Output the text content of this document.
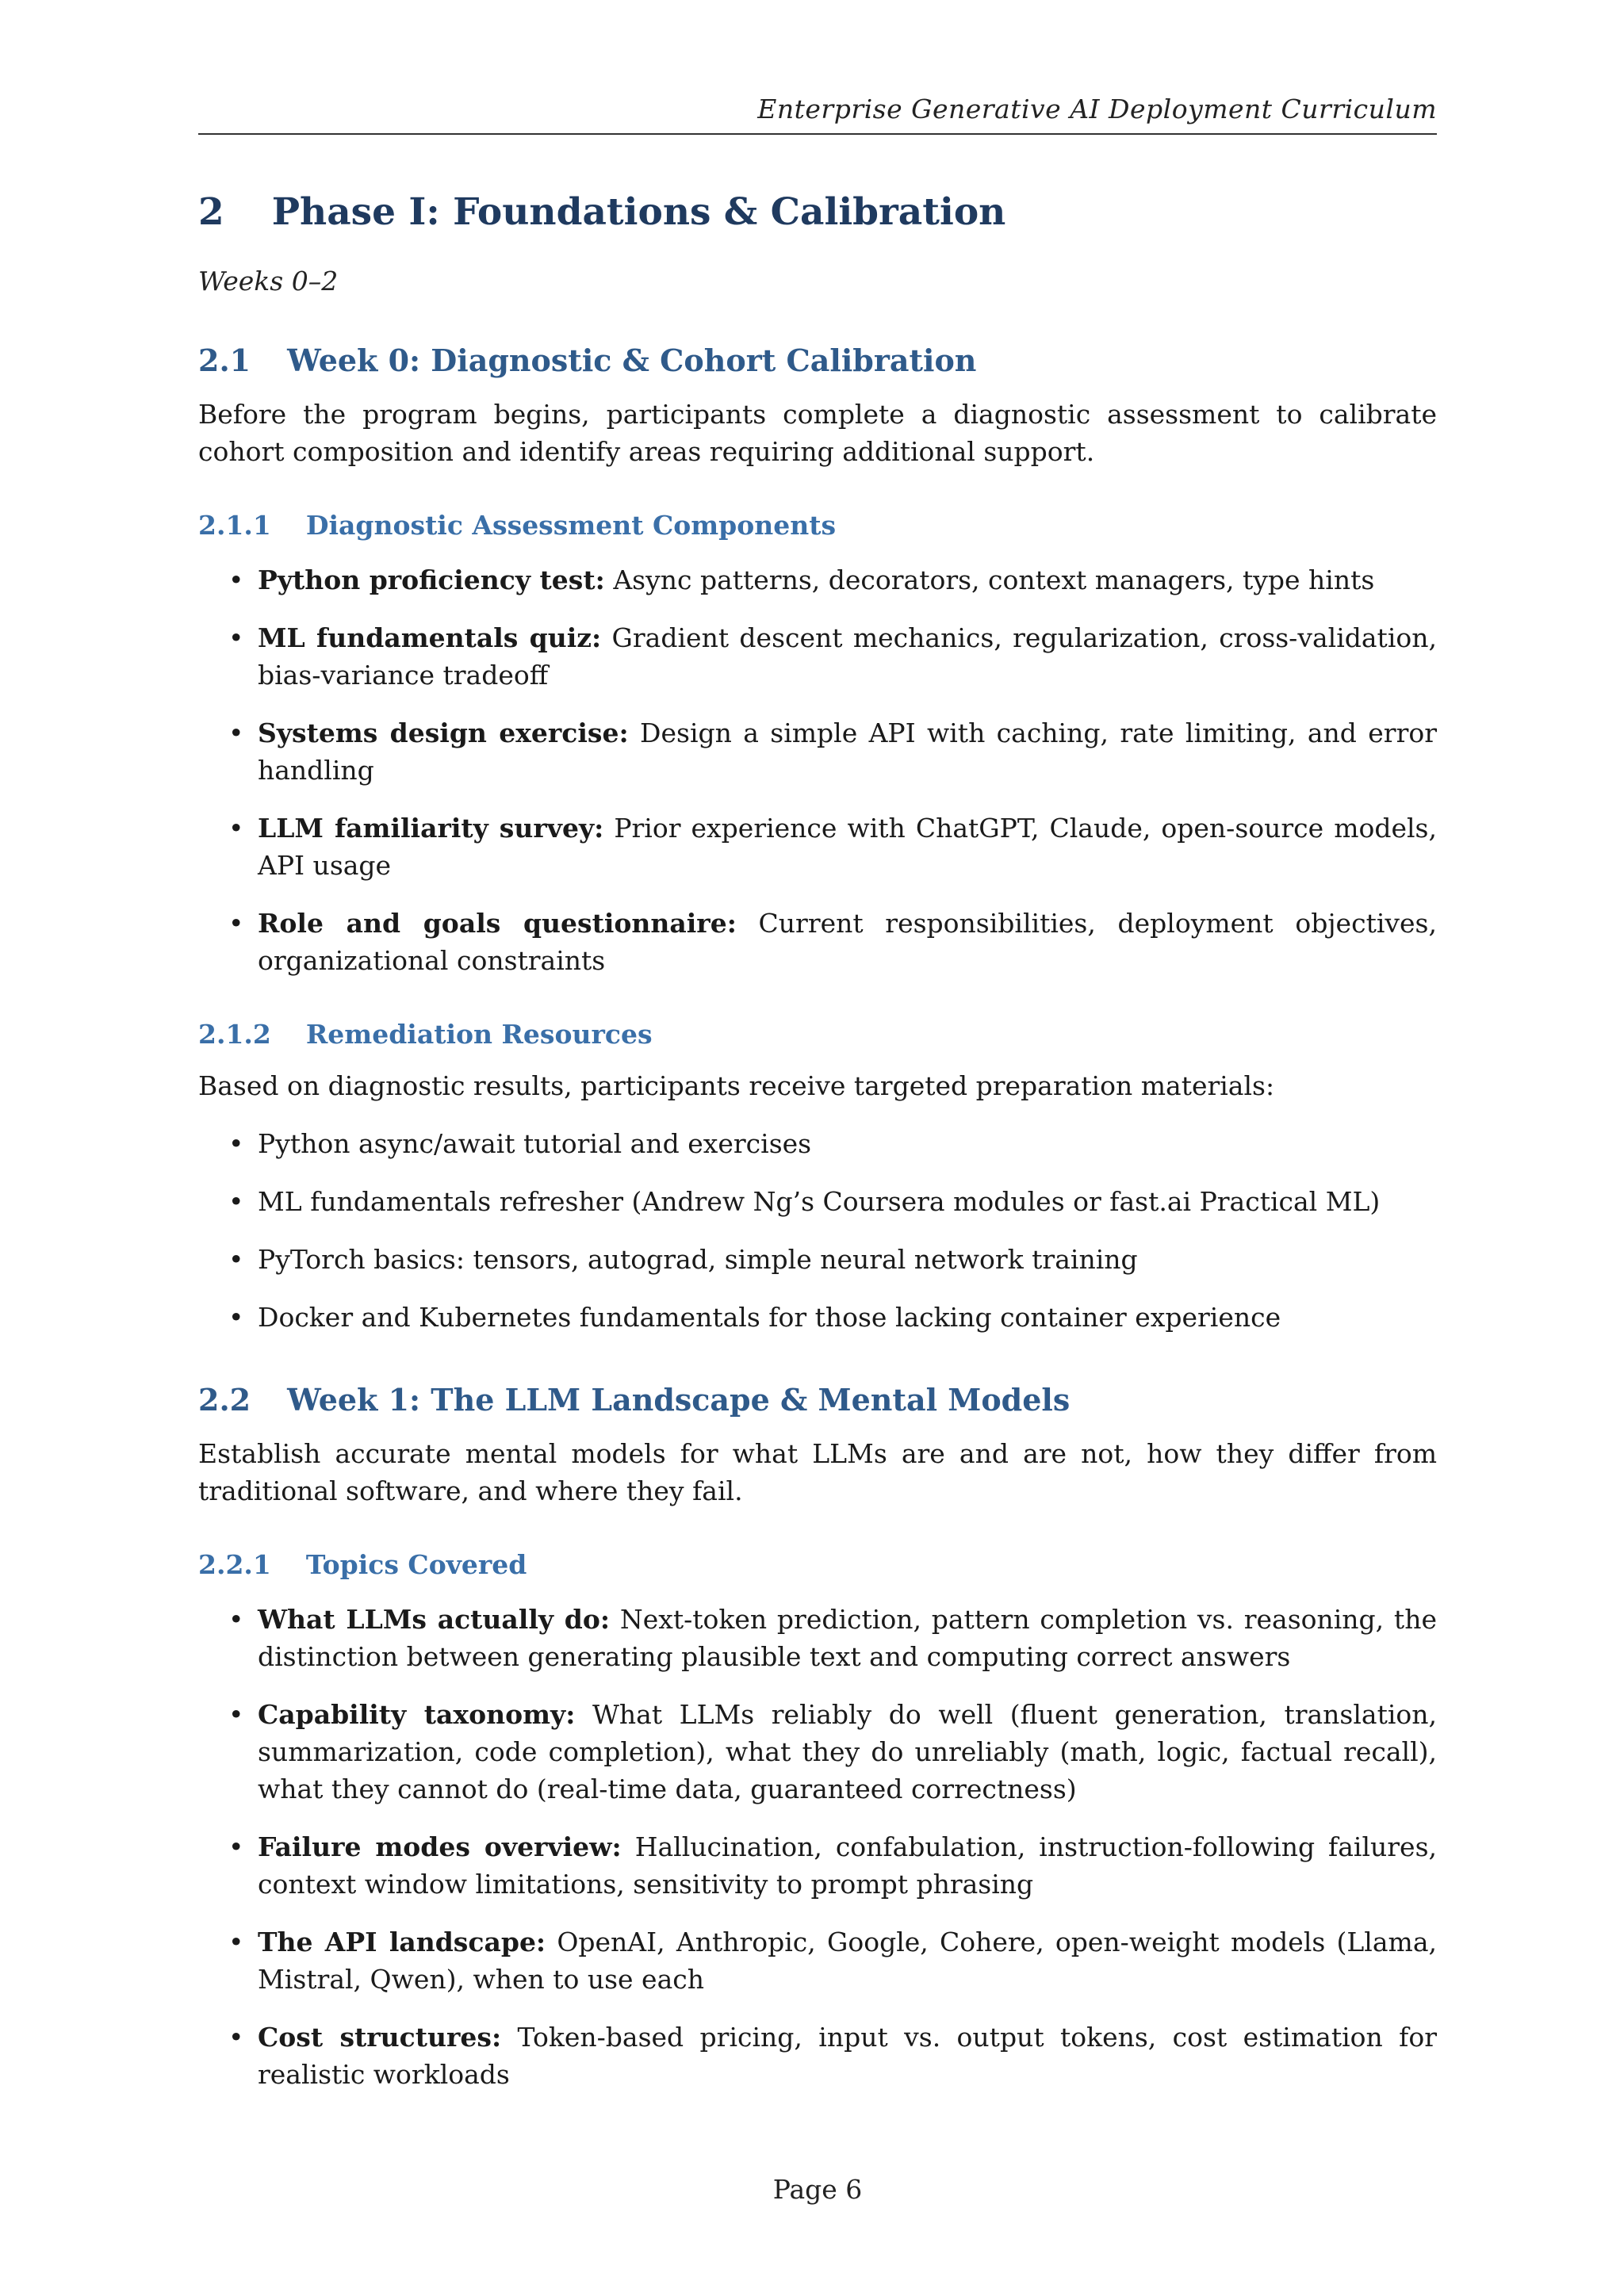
Enterprise Generative AI Deployment Curriculum
2 Phase I: Foundations & Calibration
Weeks 0–2
2.1 Week 0: Diagnostic & Cohort Calibration

Before the program begins, participants complete a diagnostic assessment to calibrate cohort composition and identify areas requiring additional support.

2.1.1 Diagnostic Assessment Components
• Python proficiency test: Async patterns, decorators, context managers, type hints
• ML fundamentals quiz: Gradient descent mechanics, regularization, cross-validation, bias-variance tradeoff
• Systems design exercise: Design a simple API with caching, rate limiting, and error handling
• LLM familiarity survey: Prior experience with ChatGPT, Claude, open-source models, API usage
• Role and goals questionnaire: Current responsibilities, deployment objectives, organizational constraints
2.1.2 Remediation Resources

Based on diagnostic results, participants receive targeted preparation materials:

• Python async/await tutorial and exercises
• ML fundamentals refresher (Andrew Ng’s Coursera modules or fast.ai Practical ML)
• PyTorch basics: tensors, autograd, simple neural network training
• Docker and Kubernetes fundamentals for those lacking container experience
2.2 Week 1: The LLM Landscape & Mental Models

Establish accurate mental models for what LLMs are and are not, how they differ from traditional software, and where they fail.

2.2.1 Topics Covered
• What LLMs actually do: Next-token prediction, pattern completion vs. reasoning, the distinction between generating plausible text and computing correct answers
• Capability taxonomy: What LLMs reliably do well (fluent generation, translation, summarization, code completion), what they do unreliably (math, logic, factual recall), what they cannot do (real-time data, guaranteed correctness)
• Failure modes overview: Hallucination, confabulation, instruction-following failures, context window limitations, sensitivity to prompt phrasing
• The API landscape: OpenAI, Anthropic, Google, Cohere, open-weight models (Llama, Mistral, Qwen), when to use each
• Cost structures: Token-based pricing, input vs. output tokens, cost estimation for realistic workloads
Page 6
